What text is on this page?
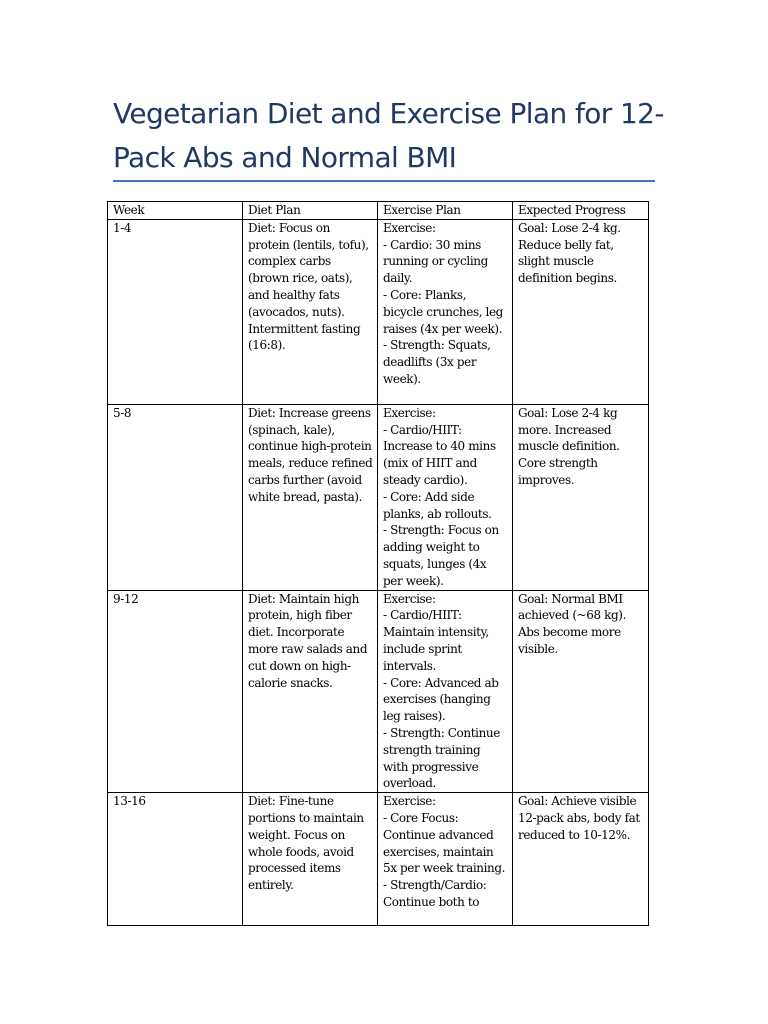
Vegetarian Diet and Exercise Plan for 12-Pack Abs and Normal BMI
Week	Diet Plan	Exercise Plan	Expected Progress

1-4	Diet: Focus on protein (lentils, tofu), complex carbs (brown rice, oats), and healthy fats (avocados, nuts). Intermittent fasting (16:8).	Exercise:
- Cardio: 30 mins running or cycling daily.
- Core: Planks, bicycle crunches, leg raises (4x per week).
- Strength: Squats, deadlifts (3x per week).	Goal: Lose 2-4 kg. Reduce belly fat, slight muscle definition begins.

5-8	Diet: Increase greens (spinach, kale), continue high-protein meals, reduce refined carbs further (avoid white bread, pasta).	Exercise:
- Cardio/HIIT: Increase to 40 mins (mix of HIIT and steady cardio).
- Core: Add side planks, ab rollouts.
- Strength: Focus on adding weight to squats, lunges (4x per week).	Goal: Lose 2-4 kg more. Increased muscle definition. Core strength improves.

9-12	Diet: Maintain high protein, high fiber diet. Incorporate more raw salads and cut down on high-calorie snacks.	Exercise:
- Cardio/HIIT: Maintain intensity, include sprint intervals.
- Core: Advanced ab exercises (hanging leg raises).
- Strength: Continue strength training with progressive overload.	Goal: Normal BMI achieved (~68 kg). Abs become more visible.

13-16	Diet: Fine-tune portions to maintain weight. Focus on whole foods, avoid processed items entirely.	Exercise:
- Core Focus: Continue advanced exercises, maintain 5x per week training.
- Strength/Cardio: Continue both to	Goal: Achieve visible 12-pack abs, body fat reduced to 10-12%.
